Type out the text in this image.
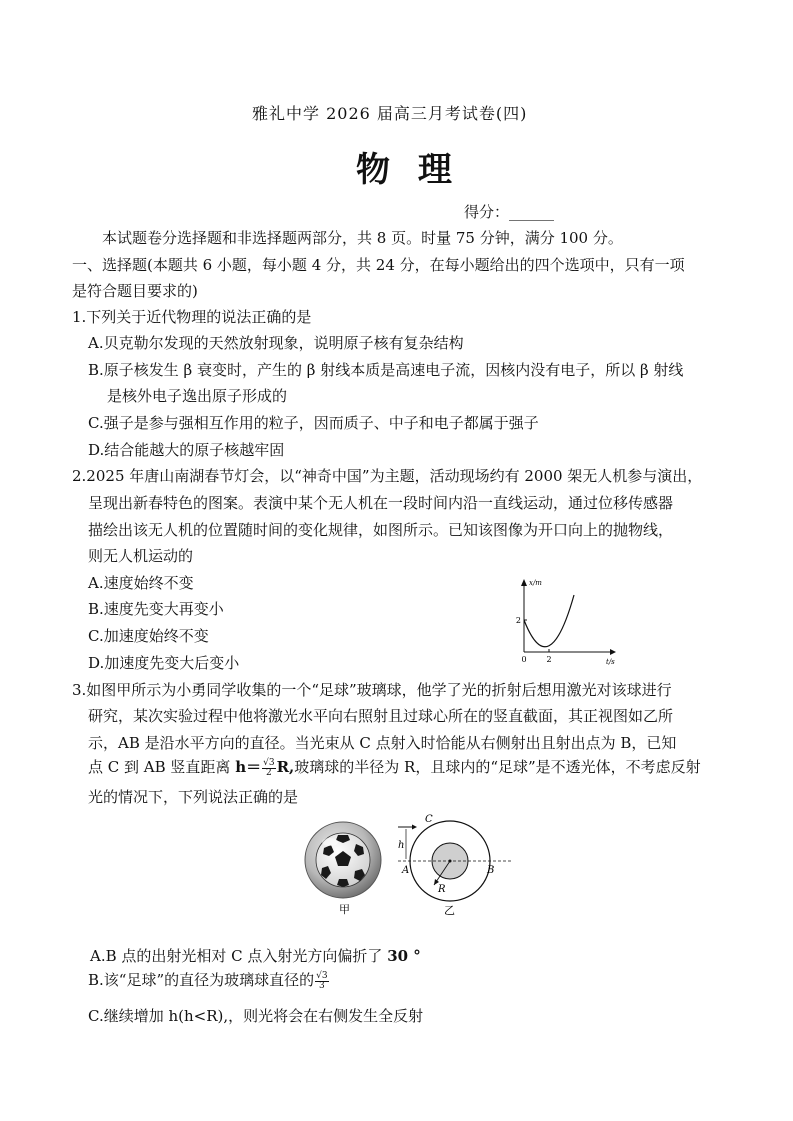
雅礼中学 2026 届高三月考试卷(四)
物 理
得分：______
本试题卷分选择题和非选择题两部分，共 8 页。时量 75 分钟，满分 100 分。
一、选择题(本题共 6 小题，每小题 4 分，共 24 分，在每小题给出的四个选项中，只有一项
是符合题目要求的)
1.下列关于近代物理的说法正确的是
A.贝克勒尔发现的天然放射现象，说明原子核有复杂结构
B.原子核发生 β 衰变时，产生的 β 射线本质是高速电子流，因核内没有电子，所以 β 射线
是核外电子逸出原子形成的
C.强子是参与强相互作用的粒子，因而质子、中子和电子都属于强子
D.结合能越大的原子核越牢固
2.2025 年唐山南湖春节灯会，以“神奇中国”为主题，活动现场约有 2000 架无人机参与演出，
呈现出新春特色的图案。表演中某个无人机在一段时间内沿一直线运动，通过位移传感器
描绘出该无人机的位置随时间的变化规律，如图所示。已知该图像为开口向上的抛物线，
则无人机运动的
A.速度始终不变
B.速度先变大再变小
C.加速度始终不变
D.加速度先变大后变小
x/m
t/s
2
2
0
3.如图甲所示为小勇同学收集的一个“足球”玻璃球，他学了光的折射后想用激光对该球进行
研究，某次实验过程中他将激光水平向右照射且过球心所在的竖直截面，其正视图如乙所
示，AB 是沿水平方向的直径。当光束从 C 点射入时恰能从右侧射出且射出点为 B，已知
点 C 到 AB 竖直距离 $h= \frac{√3}{2} R$,玻璃球的半径为 R，且球内的“足球”是不透光体，不考虑反射
光的情况下，下列说法正确的是
甲
C
h
A	B
R
乙
A.B 点的出射光相对 C 点入射光方向偏折了 30 °
B.该“足球”的直径为玻璃球直径的 $\frac{√3}{3}$
C.继续增加 h(h<R),，则光将会在右侧发生全反射
